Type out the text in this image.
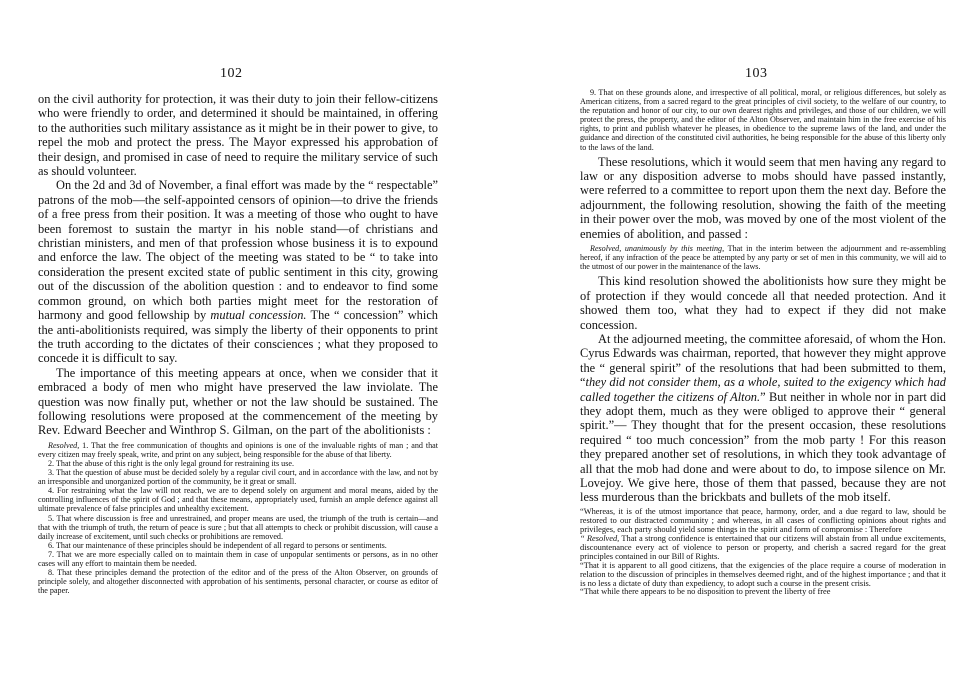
102

on the civil authority for protection, it was their duty to join their fellow-citizens who were friendly to order, and determined it should be maintained, in offering to the authorities such military assistance as it might be in their power to give, to repel the mob and protect the press. The Mayor expressed his approbation of their design, and promised in case of need to require the military service of such as should volunteer.

On the 2d and 3d of November, a final effort was made by the “ respectable” patrons of the mob—the self-appointed censors of opinion—to drive the friends of a free press from their position. It was a meeting of those who ought to have been foremost to sustain the martyr in his noble stand—of christians and christian ministers, and men of that profession whose business it is to expound and enforce the law. The object of the meeting was stated to be “ to take into consideration the present excited state of public sentiment in this city, growing out of the discussion of the abolition question : and to endeavor to find some common ground, on which both parties might meet for the restoration of harmony and good fellowship by mutual concession. The “ concession” which the anti-abolitionists required, was simply the liberty of their opponents to print the truth according to the dictates of their consciences ; what they proposed to concede it is difficult to say.

The importance of this meeting appears at once, when we consider that it embraced a body of men who might have preserved the law inviolate. The question was now finally put, whether or not the law should be sustained. The following resolutions were proposed at the commencement of the meeting by Rev. Edward Beecher and Winthrop S. Gilman, on the part of the abolitionists :

Resolved, 1. That the free communication of thoughts and opinions is one of the invaluable rights of man ; and that every citizen may freely speak, write, and print on any subject, being responsible for the abuse of that liberty.

2. That the abuse of this right is the only legal ground for restraining its use.

3. That the question of abuse must be decided solely by a regular civil court, and in accordance with the law, and not by an irresponsible and unorganized portion of the community, be it great or small.

4. For restraining what the law will not reach, we are to depend solely on argument and moral means, aided by the controlling influences of the spirit of God ; and that these means, appropriately used, furnish an ample defence against all ultimate prevalence of false principles and unhealthy excitement.

5. That where discussion is free and unrestrained, and proper means are used, the triumph of the truth is certain—and that with the triumph of truth, the return of peace is sure ; but that all attempts to check or prohibit discussion, will cause a daily increase of excitement, until such checks or prohibitions are removed.

6. That our maintenance of these principles should be independent of all regard to persons or sentiments.

7. That we are more especially called on to maintain them in case of unpopular sentiments or persons, as in no other cases will any effort to maintain them be needed.

8. That these principles demand the protection of the editor and of the press of the Alton Observer, on grounds of principle solely, and altogether disconnected with approbation of his sentiments, personal character, or course as editor of the paper.

103

9. That on these grounds alone, and irrespective of all political, moral, or religious differences, but solely as American citizens, from a sacred regard to the great principles of civil society, to the welfare of our country, to the reputation and honor of our city, to our own dearest rights and privileges, and those of our children, we will protect the press, the property, and the editor of the Alton Observer, and maintain him in the free exercise of his rights, to print and publish whatever he pleases, in obedience to the supreme laws of the land, and under the guidance and direction of the constituted civil authorities, he being responsible for the abuse of this liberty only to the laws of the land.

These resolutions, which it would seem that men having any regard to law or any disposition adverse to mobs should have passed instantly, were referred to a committee to report upon them the next day. Before the adjournment, the following resolution, showing the faith of the meeting in their power over the mob, was moved by one of the most violent of the enemies of abolition, and passed :

Resolved, unanimously by this meeting, That in the interim between the adjournment and re-assembling hereof, if any infraction of the peace be attempted by any party or set of men in this community, we will aid to the utmost of our power in the maintenance of the laws.

This kind resolution showed the abolitionists how sure they might be of protection if they would concede all that needed protection. And it showed them too, what they had to expect if they did not make concession.

At the adjourned meeting, the committee aforesaid, of whom the Hon. Cyrus Edwards was chairman, reported, that however they might approve the “ general spirit” of the resolutions that had been submitted to them, “they did not consider them, as a whole, suited to the exigency which had called together the citizens of Alton.” But neither in whole nor in part did they adopt them, much as they were obliged to approve their “ general spirit.”— They thought that for the present occasion, these resolutions required “ too much concession” from the mob party ! For this reason they prepared another set of resolutions, in which they took advantage of all that the mob had done and were about to do, to impose silence on Mr. Lovejoy. We give here, those of them that passed, because they are not less murderous than the brickbats and bullets of the mob itself.

“Whereas, it is of the utmost importance that peace, harmony, order, and a due regard to law, should be restored to our distracted community ; and whereas, in all cases of conflicting opinions about rights and privileges, each party should yield some things in the spirit and form of compromise : Therefore

“ Resolved, That a strong confidence is entertained that our citizens will abstain from all undue excitements, discountenance every act of violence to person or property, and cherish a sacred regard for the great principles contained in our Bill of Rights.

“That it is apparent to all good citizens, that the exigencies of the place require a course of moderation in relation to the discussion of principles in themselves deemed right, and of the highest importance ; and that it is no less a dictate of duty than expediency, to adopt such a course in the present crisis.

“That while there appears to be no disposition to prevent the liberty of free
